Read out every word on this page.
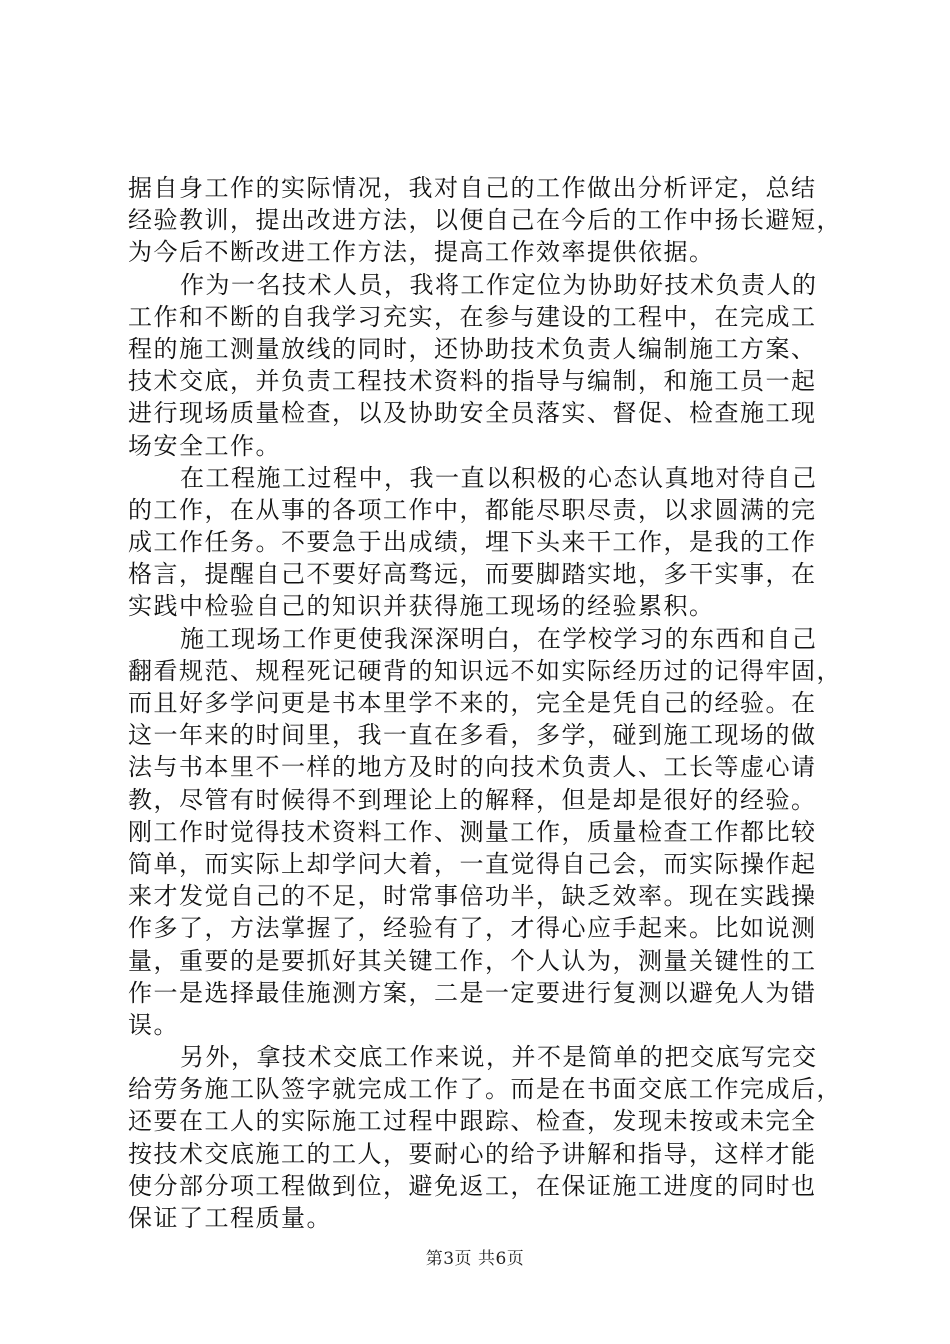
据自身工作的实际情况，我对自己的工作做出分析评定，总结
经验教训，提出改进方法，以便自己在今后的工作中扬长避短，
为今后不断改进工作方法，提高工作效率提供依据。
作为一名技术人员，我将工作定位为协助好技术负责人的
工作和不断的自我学习充实，在参与建设的工程中，在完成工
程的施工测量放线的同时，还协助技术负责人编制施工方案、
技术交底，并负责工程技术资料的指导与编制，和施工员一起
进行现场质量检查，以及协助安全员落实、督促、检查施工现
场安全工作。
在工程施工过程中，我一直以积极的心态认真地对待自己
的工作，在从事的各项工作中，都能尽职尽责，以求圆满的完
成工作任务。不要急于出成绩，埋下头来干工作，是我的工作
格言，提醒自己不要好高骛远，而要脚踏实地，多干实事，在
实践中检验自己的知识并获得施工现场的经验累积。
施工现场工作更使我深深明白，在学校学习的东西和自己
翻看规范、规程死记硬背的知识远不如实际经历过的记得牢固，
而且好多学问更是书本里学不来的，完全是凭自己的经验。在
这一年来的时间里，我一直在多看，多学，碰到施工现场的做
法与书本里不一样的地方及时的向技术负责人、工长等虚心请
教，尽管有时候得不到理论上的解释，但是却是很好的经验。
刚工作时觉得技术资料工作、测量工作，质量检查工作都比较
简单，而实际上却学问大着，一直觉得自己会，而实际操作起
来才发觉自己的不足，时常事倍功半，缺乏效率。现在实践操
作多了，方法掌握了，经验有了，才得心应手起来。比如说测
量，重要的是要抓好其关键工作，个人认为，测量关键性的工
作一是选择最佳施测方案，二是一定要进行复测以避免人为错
误。
另外，拿技术交底工作来说，并不是简单的把交底写完交
给劳务施工队签字就完成工作了。而是在书面交底工作完成后，
还要在工人的实际施工过程中跟踪、检查，发现未按或未完全
按技术交底施工的工人，要耐心的给予讲解和指导，这样才能
使分部分项工程做到位，避免返工，在保证施工进度的同时也
保证了工程质量。
第3页 共6页
